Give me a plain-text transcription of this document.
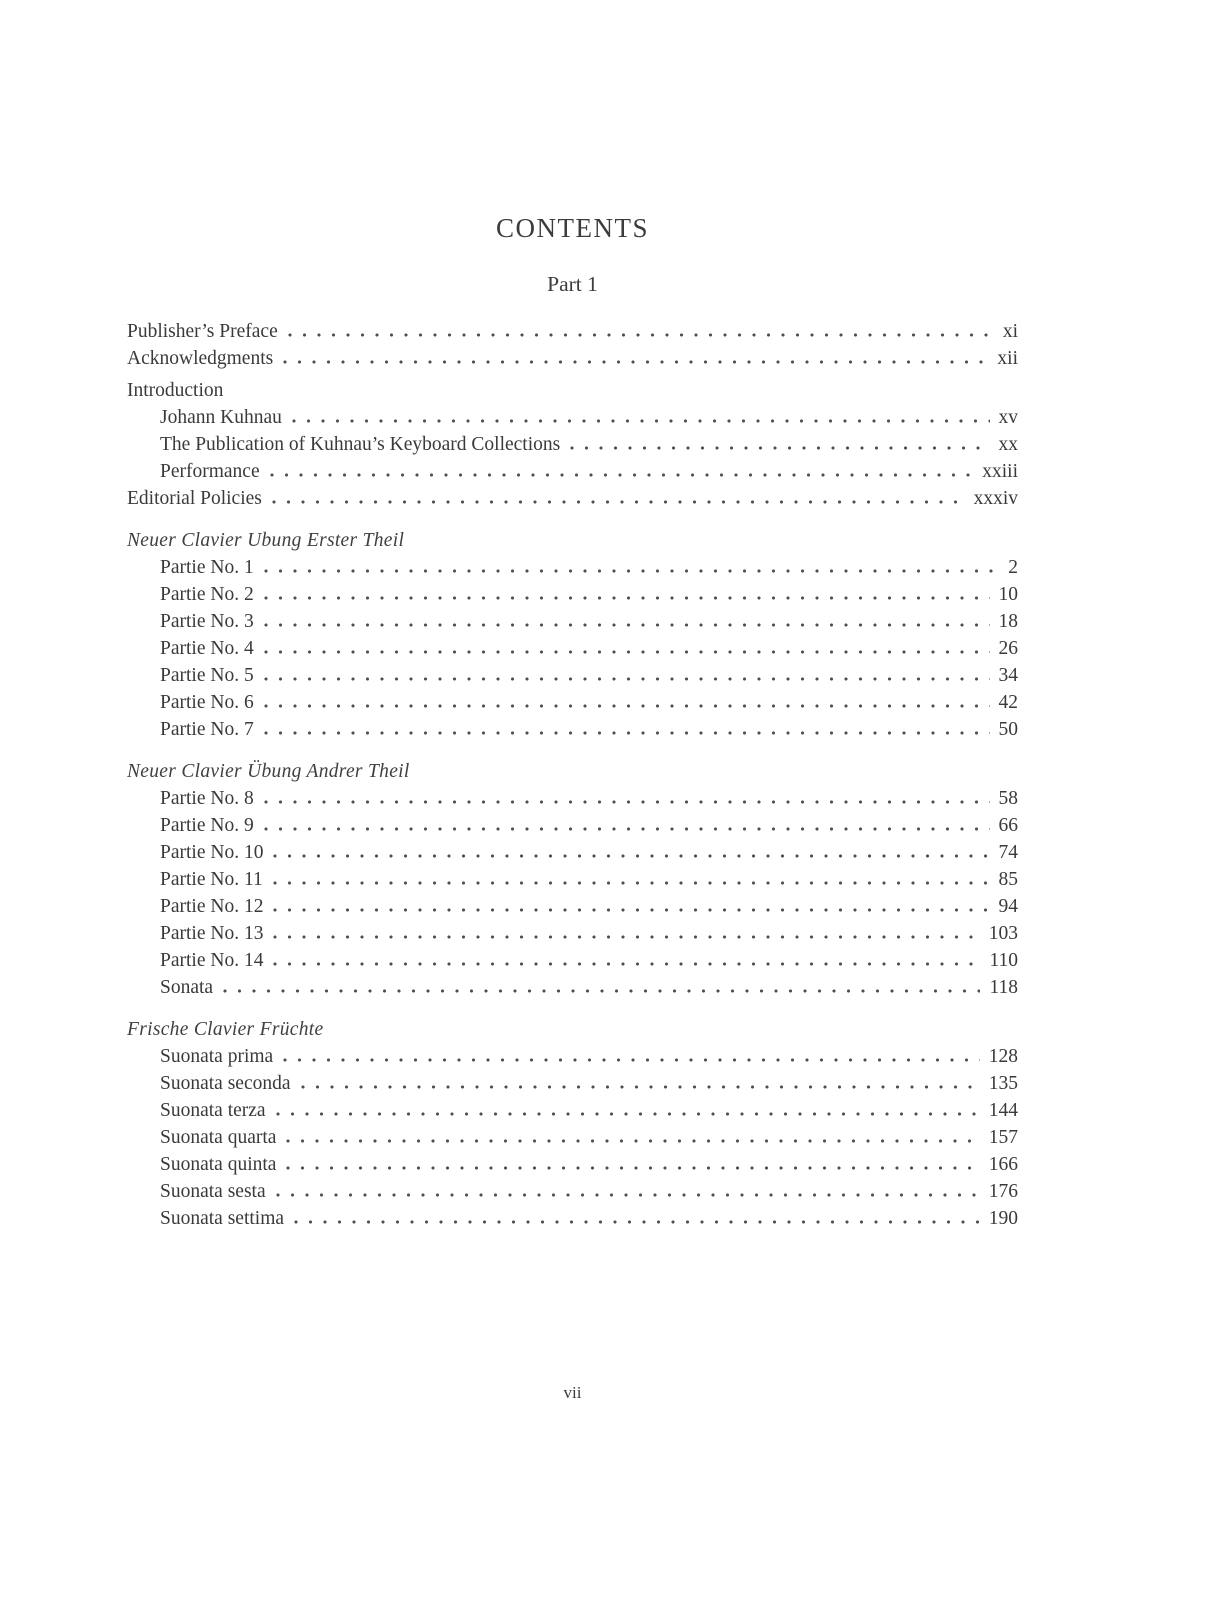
CONTENTS
Part 1
Publisher’s Preface	xi
Acknowledgments	xii
Introduction
Johann Kuhnau	xv
The Publication of Kuhnau’s Keyboard Collections	xx
Performance	xxiii
Editorial Policies	xxxiv
Neuer Clavier Ubung Erster Theil
Partie No. 1	2
Partie No. 2	10
Partie No. 3	18
Partie No. 4	26
Partie No. 5	34
Partie No. 6	42
Partie No. 7	50
Neuer Clavier Übung Andrer Theil
Partie No. 8	58
Partie No. 9	66
Partie No. 10	74
Partie No. 11	85
Partie No. 12	94
Partie No. 13	103
Partie No. 14	110
Sonata	118
Frische Clavier Früchte
Suonata prima	128
Suonata seconda	135
Suonata terza	144
Suonata quarta	157
Suonata quinta	166
Suonata sesta	176
Suonata settima	190
vii
